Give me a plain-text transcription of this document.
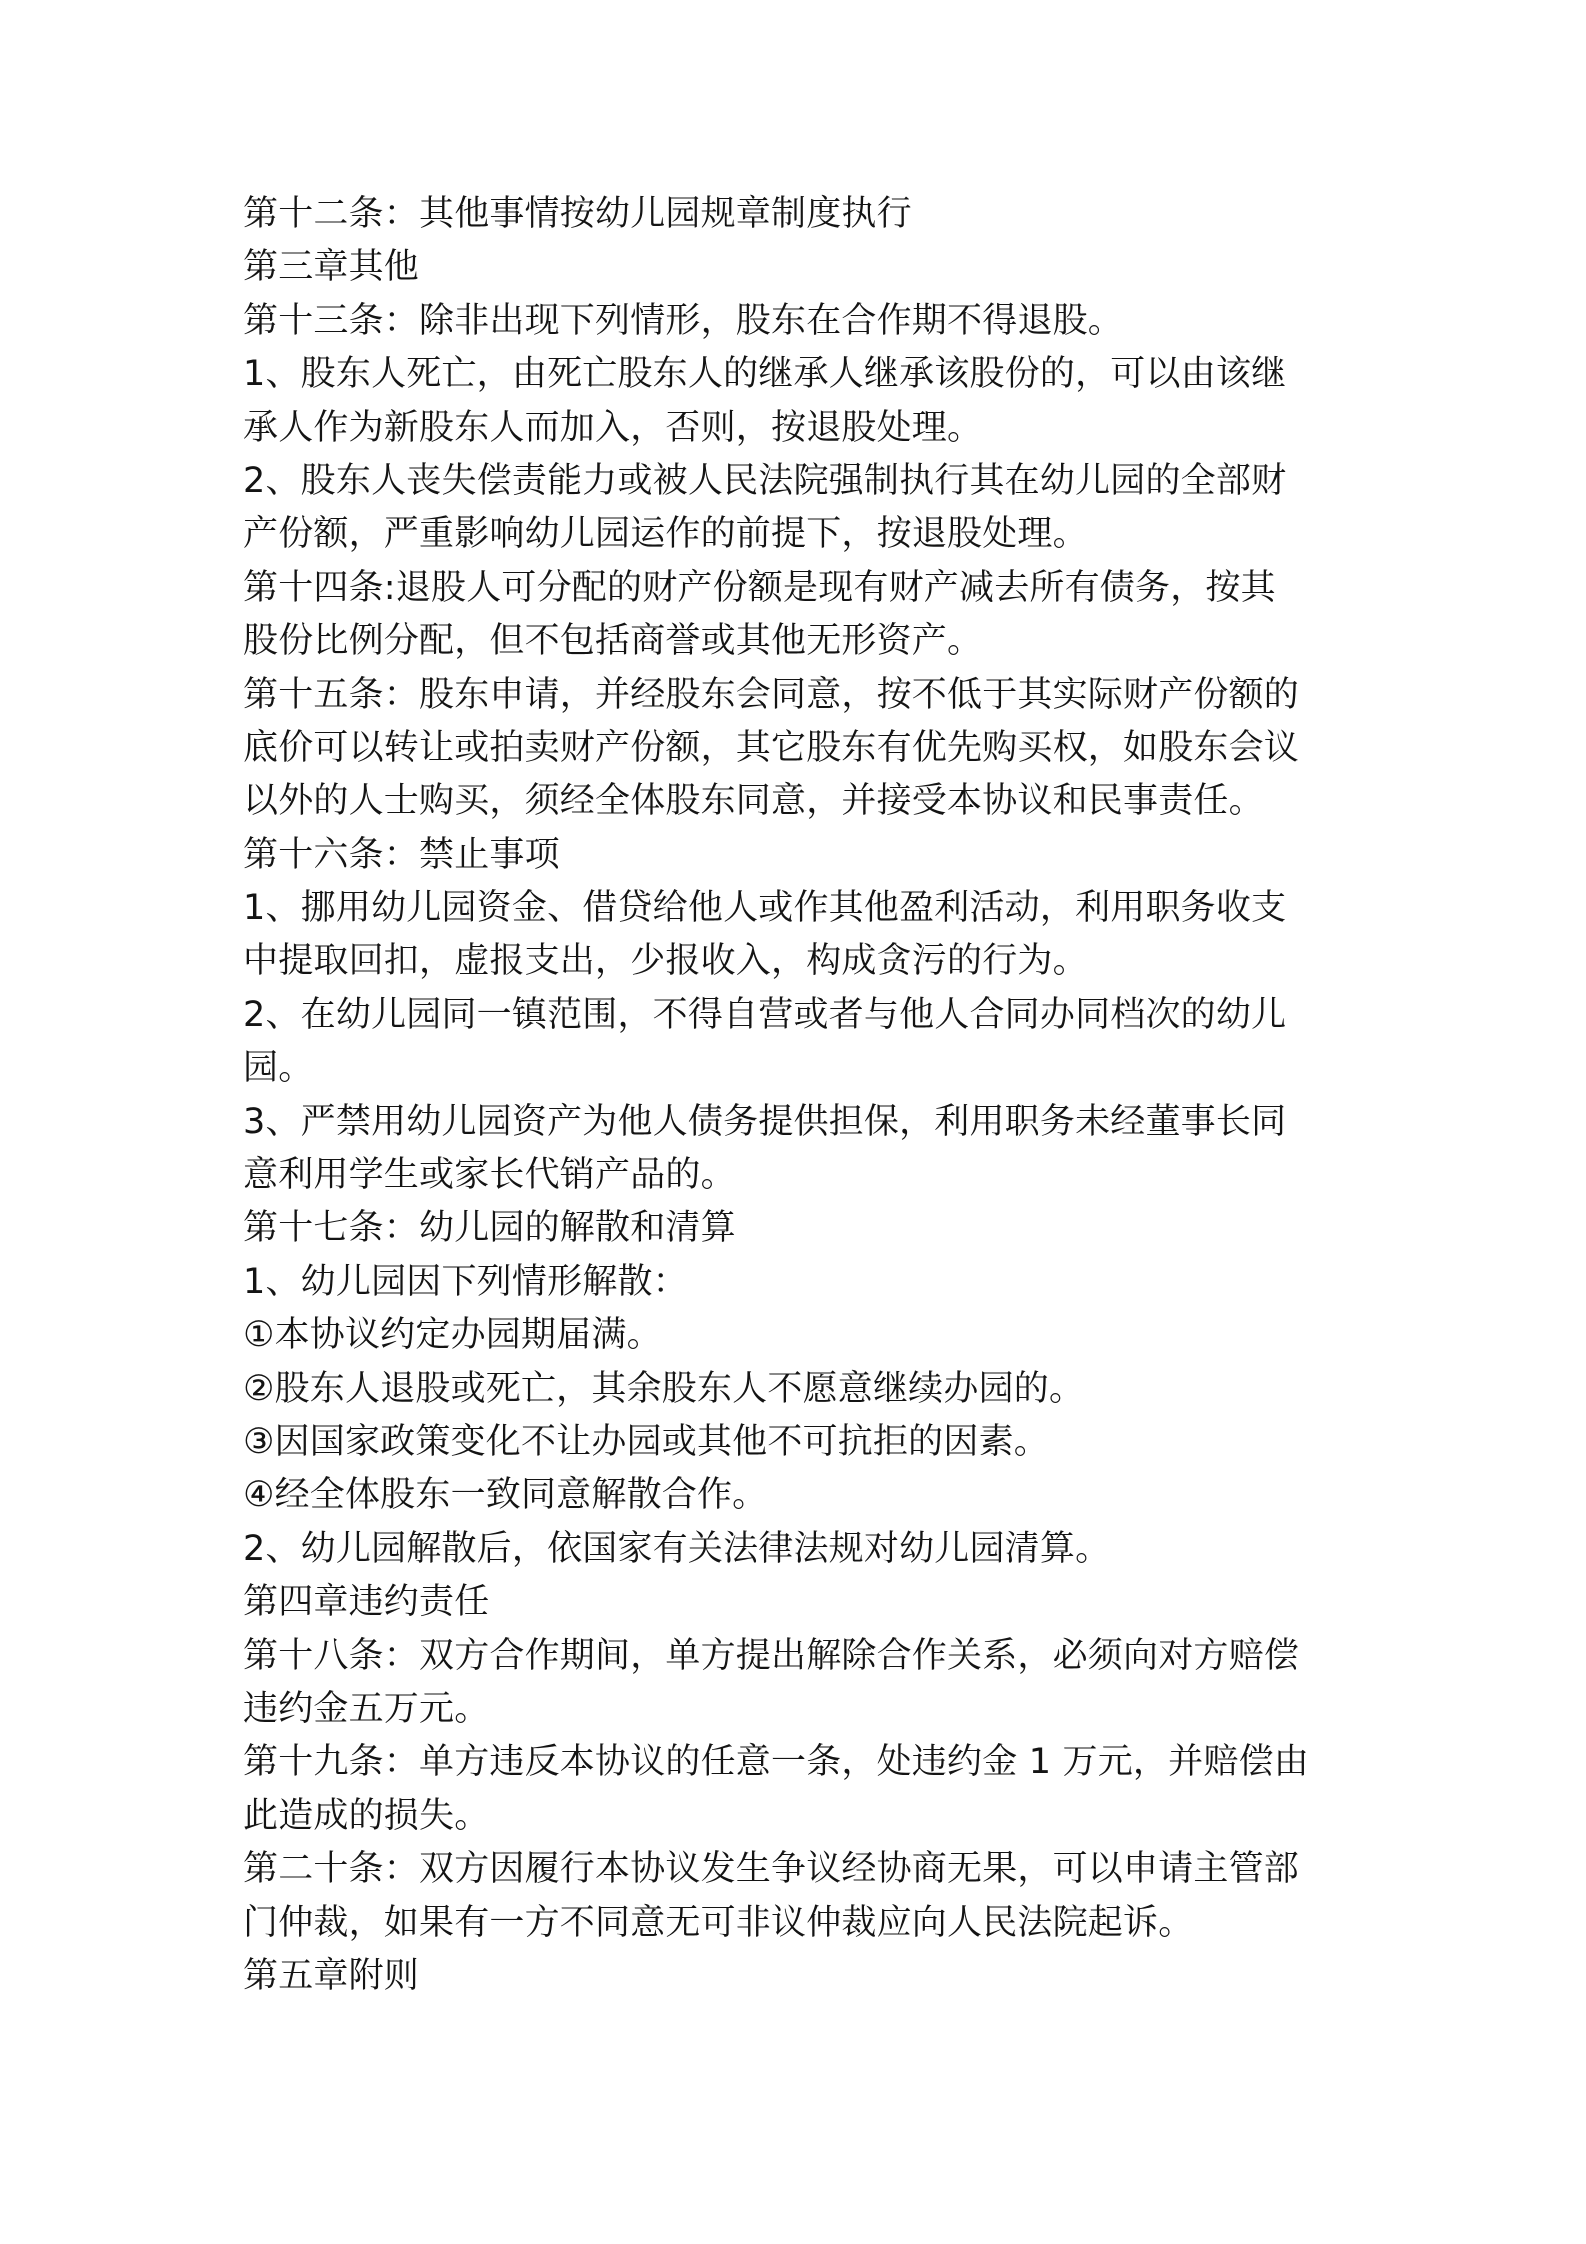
第十二条：其他事情按幼儿园规章制度执行
第三章其他
第十三条：除非出现下列情形，股东在合作期不得退股。
1、股东人死亡，由死亡股东人的继承人继承该股份的，可以由该继
承人作为新股东人而加入，否则，按退股处理。
2、股东人丧失偿责能力或被人民法院强制执行其在幼儿园的全部财
产份额，严重影响幼儿园运作的前提下，按退股处理。
第十四条:退股人可分配的财产份额是现有财产减去所有债务，按其
股份比例分配，但不包括商誉或其他无形资产。
第十五条：股东申请，并经股东会同意，按不低于其实际财产份额的
底价可以转让或拍卖财产份额，其它股东有优先购买权，如股东会议
以外的人士购买，须经全体股东同意，并接受本协议和民事责任。
第十六条：禁止事项
1、挪用幼儿园资金、借贷给他人或作其他盈利活动，利用职务收支
中提取回扣，虚报支出，少报收入，构成贪污的行为。
2、在幼儿园同一镇范围，不得自营或者与他人合同办同档次的幼儿
园。
3、严禁用幼儿园资产为他人债务提供担保，利用职务未经董事长同
意利用学生或家长代销产品的。
第十七条：幼儿园的解散和清算
1、幼儿园因下列情形解散：
①本协议约定办园期届满。
②股东人退股或死亡，其余股东人不愿意继续办园的。
③因国家政策变化不让办园或其他不可抗拒的因素。
④经全体股东一致同意解散合作。
2、幼儿园解散后，依国家有关法律法规对幼儿园清算。
第四章违约责任
第十八条：双方合作期间，单方提出解除合作关系，必须向对方赔偿
违约金五万元。
第十九条：单方违反本协议的任意一条，处违约金 1 万元，并赔偿由
此造成的损失。
第二十条：双方因履行本协议发生争议经协商无果，可以申请主管部
门仲裁，如果有一方不同意无可非议仲裁应向人民法院起诉。
第五章附则
